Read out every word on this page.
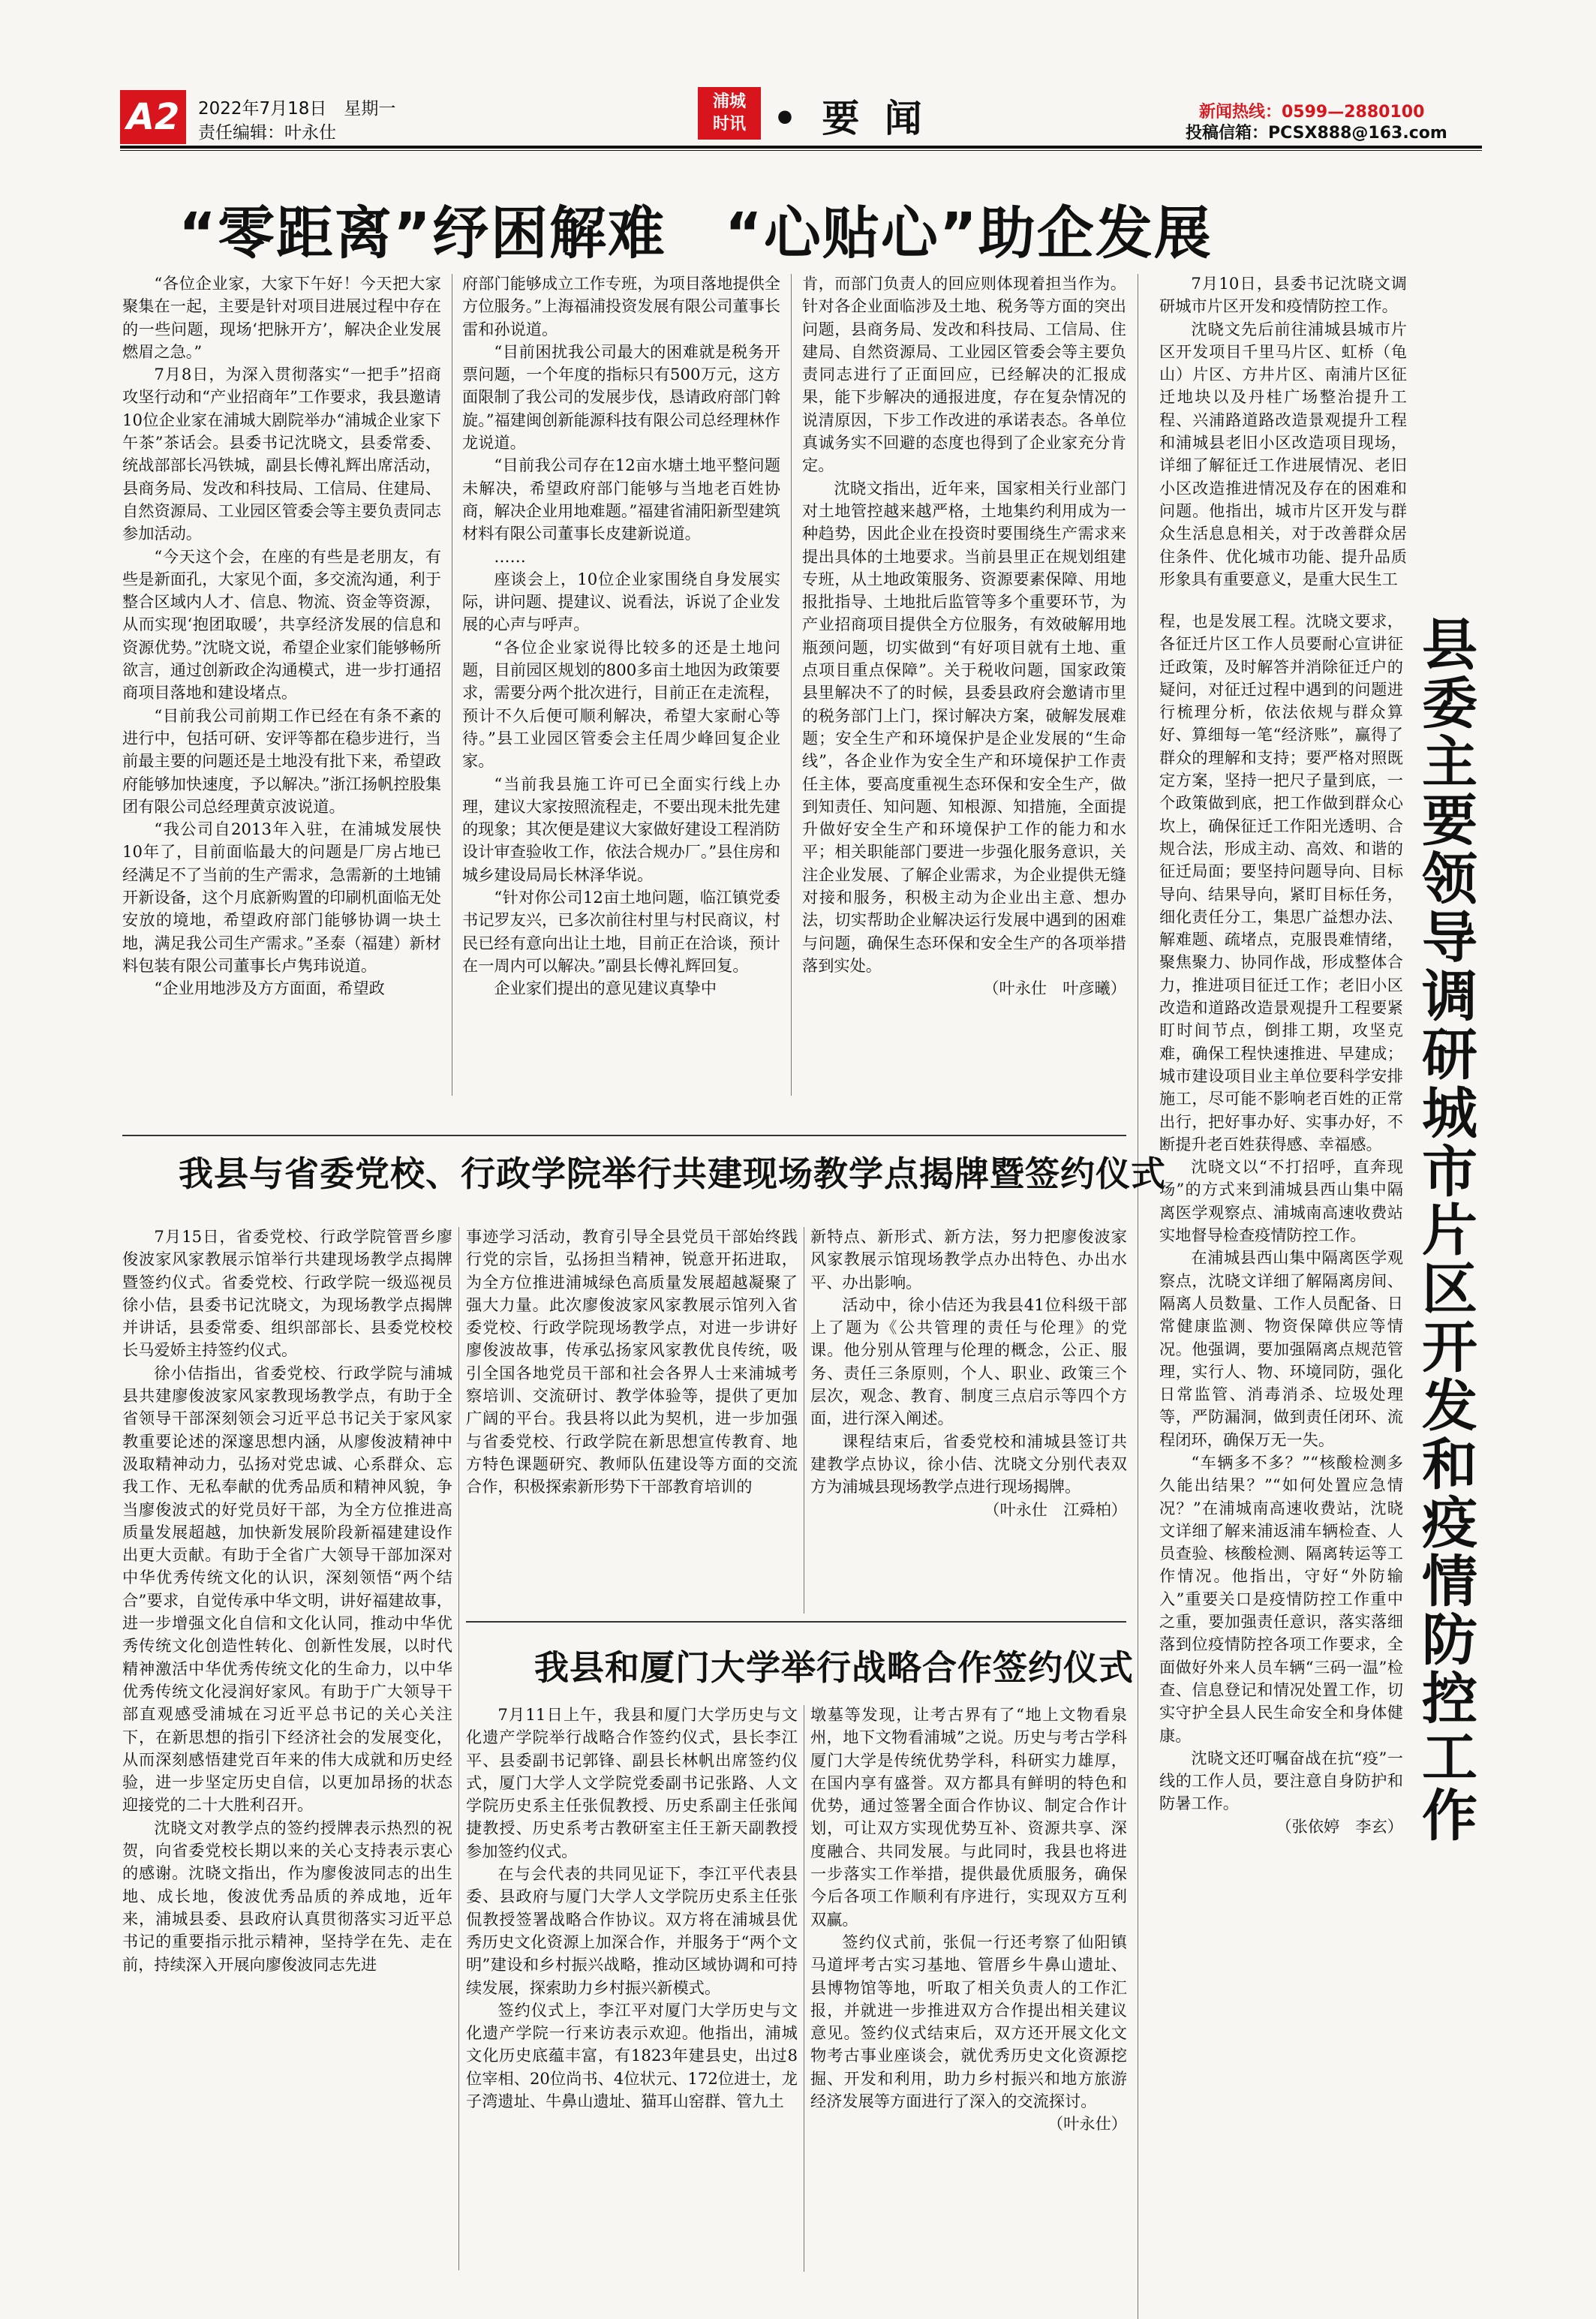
A2	2022年7月18日　星期一
责任编辑：叶永仕
浦城
时讯 • 要 闻	新闻热线：0599—2880100
投稿信箱：PCSX888@163.com
“零距离”纾困解难　“心贴心”助企发展

“各位企业家，大家下午好！今天把大家聚集在一起，主要是针对项目进展过程中存在的一些问题，现场‘把脉开方’，解决企业发展燃眉之急。”

7月8日，为深入贯彻落实“一把手”招商攻坚行动和“产业招商年”工作要求，我县邀请10位企业家在浦城大剧院举办“浦城企业家下午茶”茶话会。县委书记沈晓文，县委常委、统战部部长冯铁城，副县长傅礼辉出席活动，县商务局、发改和科技局、工信局、住建局、自然资源局、工业园区管委会等主要负责同志参加活动。

“今天这个会，在座的有些是老朋友，有些是新面孔，大家见个面，多交流沟通，利于整合区域内人才、信息、物流、资金等资源，从而实现‘抱团取暖’，共享经济发展的信息和资源优势。”沈晓文说，希望企业家们能够畅所欲言，通过创新政企沟通模式，进一步打通招商项目落地和建设堵点。

“目前我公司前期工作已经在有条不紊的进行中，包括可研、安评等都在稳步进行，当前最主要的问题还是土地没有批下来，希望政府能够加快速度，予以解决。”浙江扬帆控股集团有限公司总经理黄京波说道。

“我公司自2013年入驻，在浦城发展快10年了，目前面临最大的问题是厂房占地已经满足不了当前的生产需求，急需新的土地铺开新设备，这个月底新购置的印刷机面临无处安放的境地，希望政府部门能够协调一块土地，满足我公司生产需求。”圣泰（福建）新材料包装有限公司董事长卢隽玮说道。

“企业用地涉及方方面面，希望政

府部门能够成立工作专班，为项目落地提供全方位服务。”上海福浦投资发展有限公司董事长雷和孙说道。

“目前困扰我公司最大的困难就是税务开票问题，一个年度的指标只有500万元，这方面限制了我公司的发展步伐，恳请政府部门斡旋。”福建闽创新能源科技有限公司总经理林作龙说道。

“目前我公司存在12亩水塘土地平整问题未解决，希望政府部门能够与当地老百姓协商，解决企业用地难题。”福建省浦阳新型建筑材料有限公司董事长皮建新说道。

……

座谈会上，10位企业家围绕自身发展实际，讲问题、提建议、说看法，诉说了企业发展的心声与呼声。

“各位企业家说得比较多的还是土地问题，目前园区规划的800多亩土地因为政策要求，需要分两个批次进行，目前正在走流程，预计不久后便可顺利解决，希望大家耐心等待。”县工业园区管委会主任周少峰回复企业家。

“当前我县施工许可已全面实行线上办理，建议大家按照流程走，不要出现未批先建的现象；其次便是建议大家做好建设工程消防设计审查验收工作，依法合规办厂。”县住房和城乡建设局局长林泽华说。

“针对你公司12亩土地问题，临江镇党委书记罗友兴，已多次前往村里与村民商议，村民已经有意向出让土地，目前正在洽谈，预计在一周内可以解决。”副县长傅礼辉回复。

企业家们提出的意见建议真挚中

肯，而部门负责人的回应则体现着担当作为。针对各企业面临涉及土地、税务等方面的突出问题，县商务局、发改和科技局、工信局、住建局、自然资源局、工业园区管委会等主要负责同志进行了正面回应，已经解决的汇报成果，能下步解决的通报进度，存在复杂情况的说清原因，下步工作改进的承诺表态。各单位真诚务实不回避的态度也得到了企业家充分肯定。

沈晓文指出，近年来，国家相关行业部门对土地管控越来越严格，土地集约利用成为一种趋势，因此企业在投资时要围绕生产需求来提出具体的土地要求。当前县里正在规划组建专班，从土地政策服务、资源要素保障、用地报批指导、土地批后监管等多个重要环节，为产业招商项目提供全方位服务，有效破解用地瓶颈问题，切实做到“有好项目就有土地、重点项目重点保障”。关于税收问题，国家政策县里解决不了的时候，县委县政府会邀请市里的税务部门上门，探讨解决方案，破解发展难题；安全生产和环境保护是企业发展的“生命线”，各企业作为安全生产和环境保护工作责任主体，要高度重视生态环保和安全生产，做到知责任、知问题、知根源、知措施，全面提升做好安全生产和环境保护工作的能力和水平；相关职能部门要进一步强化服务意识，关注企业发展、了解企业需求，为企业提供无缝对接和服务，积极主动为企业出主意、想办法，切实帮助企业解决运行发展中遇到的困难与问题，确保生态环保和安全生产的各项举措落到实处。

（叶永仕　叶彦曦）

我县与省委党校、行政学院举行共建现场教学点揭牌暨签约仪式

7月15日，省委党校、行政学院管晋乡廖俊波家风家教展示馆举行共建现场教学点揭牌暨签约仪式。省委党校、行政学院一级巡视员徐小佶，县委书记沈晓文，为现场教学点揭牌并讲话，县委常委、组织部部长、县委党校校长马爱娇主持签约仪式。

徐小佶指出，省委党校、行政学院与浦城县共建廖俊波家风家教现场教学点，有助于全省领导干部深刻领会习近平总书记关于家风家教重要论述的深邃思想内涵，从廖俊波精神中汲取精神动力，弘扬对党忠诚、心系群众、忘我工作、无私奉献的优秀品质和精神风貌，争当廖俊波式的好党员好干部，为全方位推进高质量发展超越，加快新发展阶段新福建建设作出更大贡献。有助于全省广大领导干部加深对中华优秀传统文化的认识，深刻领悟“两个结合”要求，自觉传承中华文明，讲好福建故事，进一步增强文化自信和文化认同，推动中华优秀传统文化创造性转化、创新性发展，以时代精神激活中华优秀传统文化的生命力，以中华优秀传统文化浸润好家风。有助于广大领导干部直观感受浦城在习近平总书记的关心关注下，在新思想的指引下经济社会的发展变化，从而深刻感悟建党百年来的伟大成就和历史经验，进一步坚定历史自信，以更加昂扬的状态迎接党的二十大胜利召开。

沈晓文对教学点的签约授牌表示热烈的祝贺，向省委党校长期以来的关心支持表示衷心的感谢。沈晓文指出，作为廖俊波同志的出生地、成长地，俊波优秀品质的养成地，近年来，浦城县委、县政府认真贯彻落实习近平总书记的重要指示批示精神，坚持学在先、走在前，持续深入开展向廖俊波同志先进

事迹学习活动，教育引导全县党员干部始终践行党的宗旨，弘扬担当精神，锐意开拓进取，为全方位推进浦城绿色高质量发展超越凝聚了强大力量。此次廖俊波家风家教展示馆列入省委党校、行政学院现场教学点，对进一步讲好廖俊波故事，传承弘扬家风家教优良传统，吸引全国各地党员干部和社会各界人士来浦城考察培训、交流研讨、教学体验等，提供了更加广阔的平台。我县将以此为契机，进一步加强与省委党校、行政学院在新思想宣传教育、地方特色课题研究、教师队伍建设等方面的交流合作，积极探索新形势下干部教育培训的

新特点、新形式、新方法，努力把廖俊波家风家教展示馆现场教学点办出特色、办出水平、办出影响。

活动中，徐小佶还为我县41位科级干部上了题为《公共管理的责任与伦理》的党课。他分别从管理与伦理的概念，公正、服务、责任三条原则，个人、职业、政策三个层次，观念、教育、制度三点启示等四个方面，进行深入阐述。

课程结束后，省委党校和浦城县签订共建教学点协议，徐小佶、沈晓文分别代表双方为浦城县现场教学点进行现场揭牌。

（叶永仕　江舜柏）

我县和厦门大学举行战略合作签约仪式

7月11日上午，我县和厦门大学历史与文化遗产学院举行战略合作签约仪式，县长李江平、县委副书记郭锋、副县长林帆出席签约仪式，厦门大学人文学院党委副书记张路、人文学院历史系主任张侃教授、历史系副主任张闻捷教授、历史系考古教研室主任王新天副教授参加签约仪式。

在与会代表的共同见证下，李江平代表县委、县政府与厦门大学人文学院历史系主任张侃教授签署战略合作协议。双方将在浦城县优秀历史文化资源上加深合作，并服务于“两个文明”建设和乡村振兴战略，推动区域协调和可持续发展，探索助力乡村振兴新模式。

签约仪式上，李江平对厦门大学历史与文化遗产学院一行来访表示欢迎。他指出，浦城文化历史底蕴丰富，有1823年建县史，出过8位宰相、20位尚书、4位状元、172位进士，龙子湾遗址、牛鼻山遗址、猫耳山窑群、管九土

墩墓等发现，让考古界有了“地上文物看泉州，地下文物看浦城”之说。历史与考古学科厦门大学是传统优势学科，科研实力雄厚，在国内享有盛誉。双方都具有鲜明的特色和优势，通过签署全面合作协议、制定合作计划，可让双方实现优势互补、资源共享、深度融合、共同发展。与此同时，我县也将进一步落实工作举措，提供最优质服务，确保今后各项工作顺利有序进行，实现双方互利双赢。

签约仪式前，张侃一行还考察了仙阳镇马道坪考古实习基地、管厝乡牛鼻山遗址、县博物馆等地，听取了相关负责人的工作汇报，并就进一步推进双方合作提出相关建议意见。签约仪式结束后，双方还开展文化文物考古事业座谈会，就优秀历史文化资源挖掘、开发和利用，助力乡村振兴和地方旅游经济发展等方面进行了深入的交流探讨。

（叶永仕）

县委主要领导调研城市片区开发和疫情防控工作

7月10日，县委书记沈晓文调研城市片区开发和疫情防控工作。

沈晓文先后前往浦城县城市片区开发项目千里马片区、虹桥（龟山）片区、方井片区、南浦片区征迁地块以及丹桂广场整治提升工程、兴浦路道路改造景观提升工程和浦城县老旧小区改造项目现场，详细了解征迁工作进展情况、老旧小区改造推进情况及存在的困难和问题。他指出，城市片区开发与群众生活息息相关，对于改善群众居住条件、优化城市功能、提升品质形象具有重要意义，是重大民生工

程，也是发展工程。沈晓文要求，各征迁片区工作人员要耐心宣讲征迁政策，及时解答并消除征迁户的疑问，对征迁过程中遇到的问题进行梳理分析，依法依规与群众算好、算细每一笔“经济账”，赢得了群众的理解和支持；要严格对照既定方案，坚持一把尺子量到底，一个政策做到底，把工作做到群众心坎上，确保征迁工作阳光透明、合规合法，形成主动、高效、和谐的征迁局面；要坚持问题导向、目标导向、结果导向，紧盯目标任务，细化责任分工，集思广益想办法、解难题、疏堵点，克服畏难情绪，聚焦聚力、协同作战，形成整体合力，推进项目征迁工作；老旧小区改造和道路改造景观提升工程要紧盯时间节点，倒排工期，攻坚克难，确保工程快速推进、早建成；城市建设项目业主单位要科学安排施工，尽可能不影响老百姓的正常出行，把好事办好、实事办好，不断提升老百姓获得感、幸福感。

沈晓文以“不打招呼，直奔现场”的方式来到浦城县西山集中隔离医学观察点、浦城南高速收费站实地督导检查疫情防控工作。

在浦城县西山集中隔离医学观察点，沈晓文详细了解隔离房间、隔离人员数量、工作人员配备、日常健康监测、物资保障供应等情况。他强调，要加强隔离点规范管理，实行人、物、环境同防，强化日常监管、消毒消杀、垃圾处理等，严防漏洞，做到责任闭环、流程闭环，确保万无一失。

“车辆多不多？”“核酸检测多久能出结果？”“如何处置应急情况？”在浦城南高速收费站，沈晓文详细了解来浦返浦车辆检查、人员查验、核酸检测、隔离转运等工作情况。他指出，守好“外防输入”重要关口是疫情防控工作重中之重，要加强责任意识，落实落细落到位疫情防控各项工作要求，全面做好外来人员车辆“三码一温”检查、信息登记和情况处置工作，切实守护全县人民生命安全和身体健康。

沈晓文还叮嘱奋战在抗“疫”一线的工作人员，要注意自身防护和防暑工作。

（张依婷　李玄）
